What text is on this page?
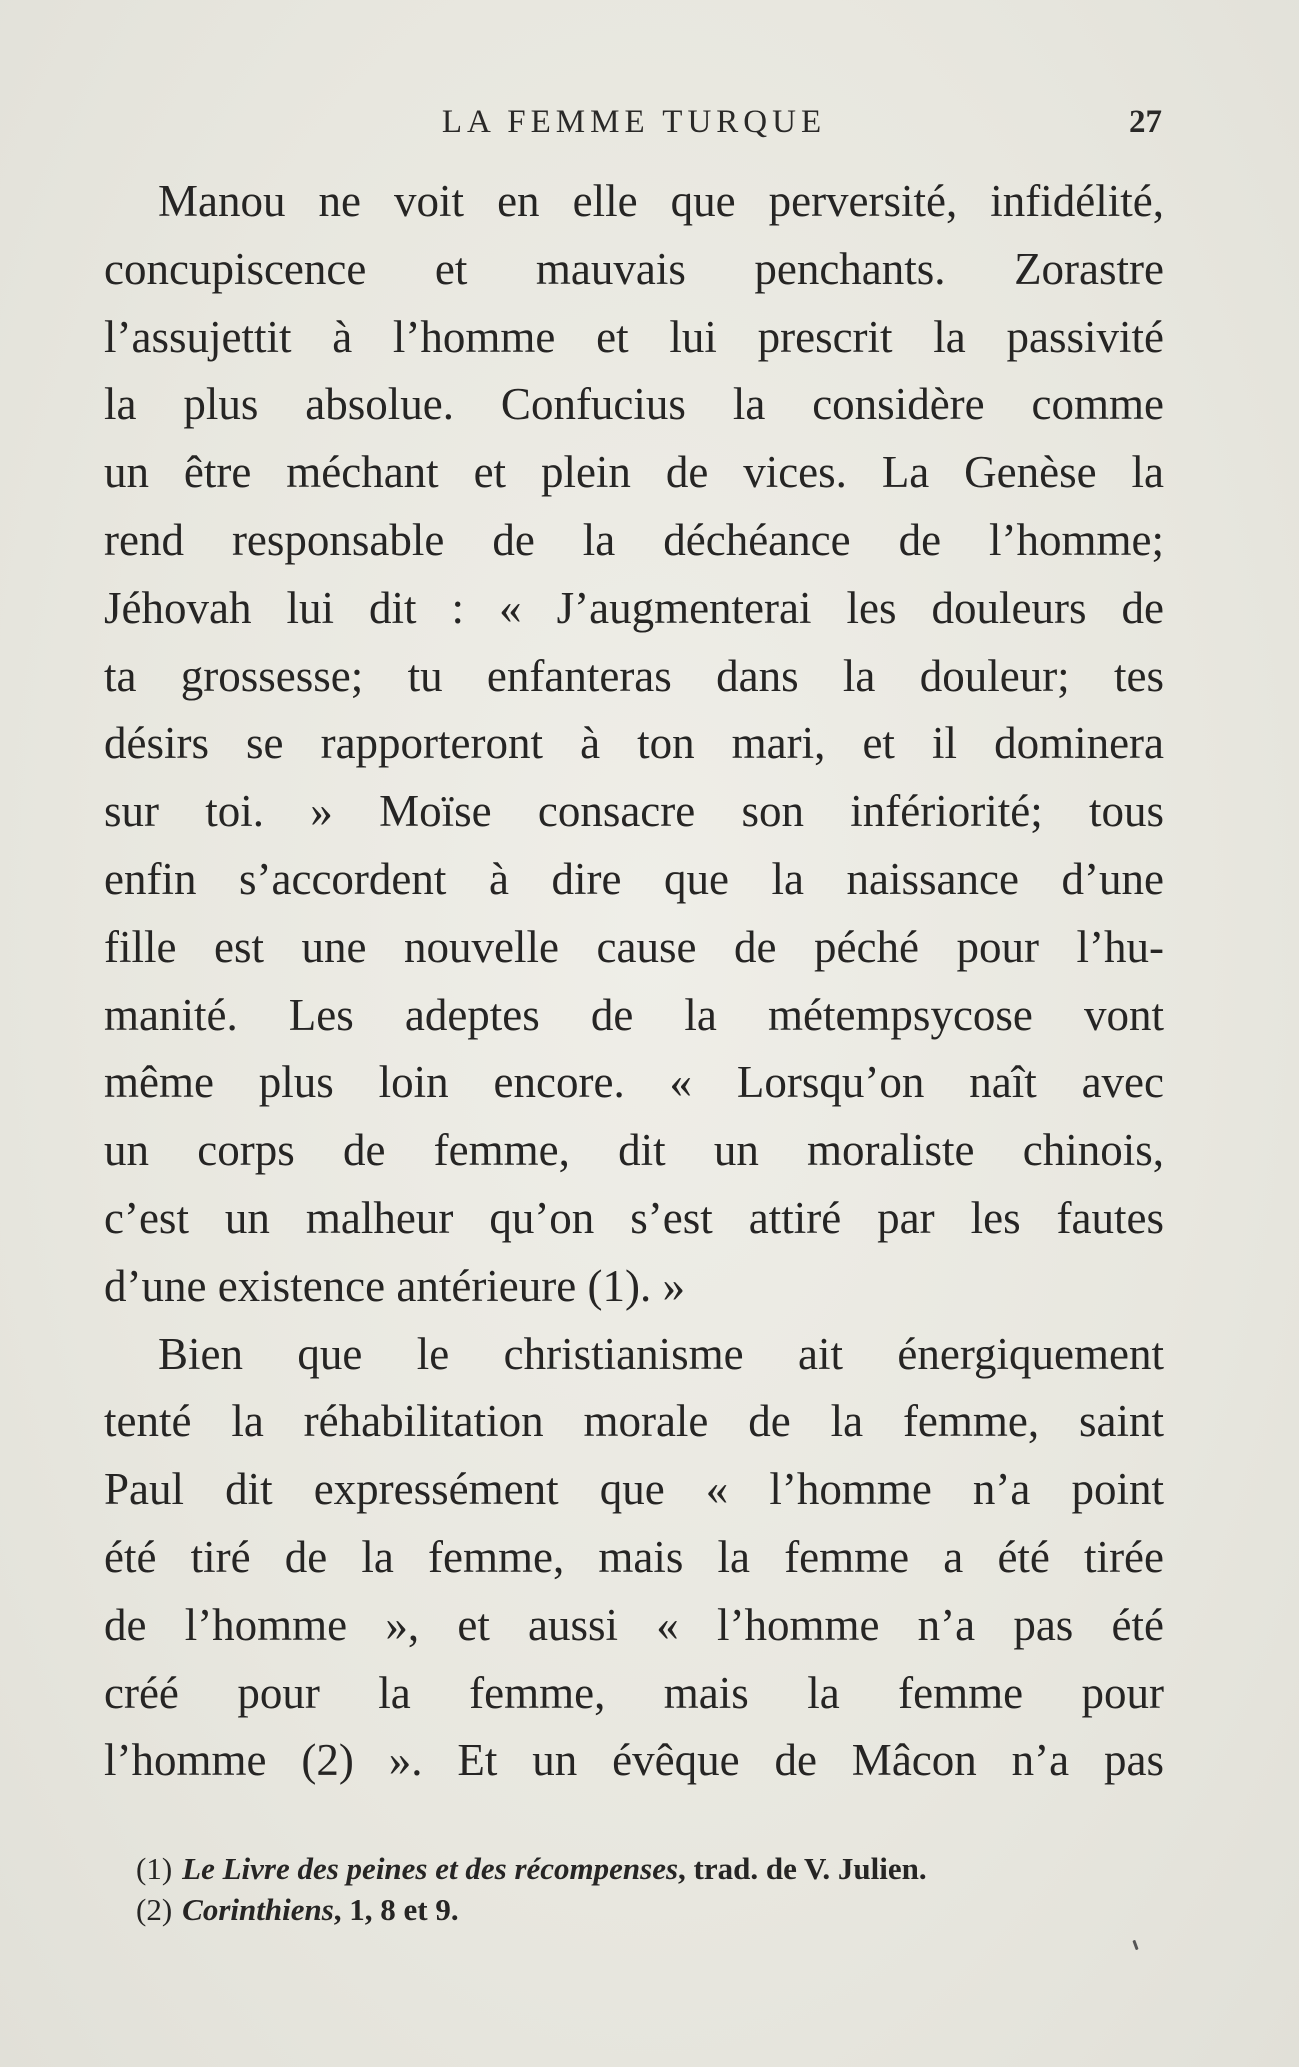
LA FEMME TURQUE	27
Manou ne voit en elle que perversité, infidélité,
concupiscence et mauvais penchants. Zorastre
l’assujettit à l’homme et lui prescrit la passivité
la plus absolue. Confucius la considère comme
un être méchant et plein de vices. La Genèse la
rend responsable de la déchéance de l’homme;
Jéhovah lui dit : « J’augmenterai les douleurs de
ta grossesse; tu enfanteras dans la douleur; tes
désirs se rapporteront à ton mari, et il dominera
sur toi. » Moïse consacre son infériorité; tous
enfin s’accordent à dire que la naissance d’une
fille est une nouvelle cause de péché pour l’hu-
manité. Les adeptes de la métempsycose vont
même plus loin encore. « Lorsqu’on naît avec
un corps de femme, dit un moraliste chinois,
c’est un malheur qu’on s’est attiré par les fautes
d’une existence antérieure (1). »
Bien que le christianisme ait énergiquement
tenté la réhabilitation morale de la femme, saint
Paul dit expressément que « l’homme n’a point
été tiré de la femme, mais la femme a été tirée
de l’homme », et aussi « l’homme n’a pas été
créé pour la femme, mais la femme pour
l’homme (2) ». Et un évêque de Mâcon n’a pas
(1) Le Livre des peines et des récompenses, trad. de V. Julien.
(2) Corinthiens, 1, 8 et 9.
